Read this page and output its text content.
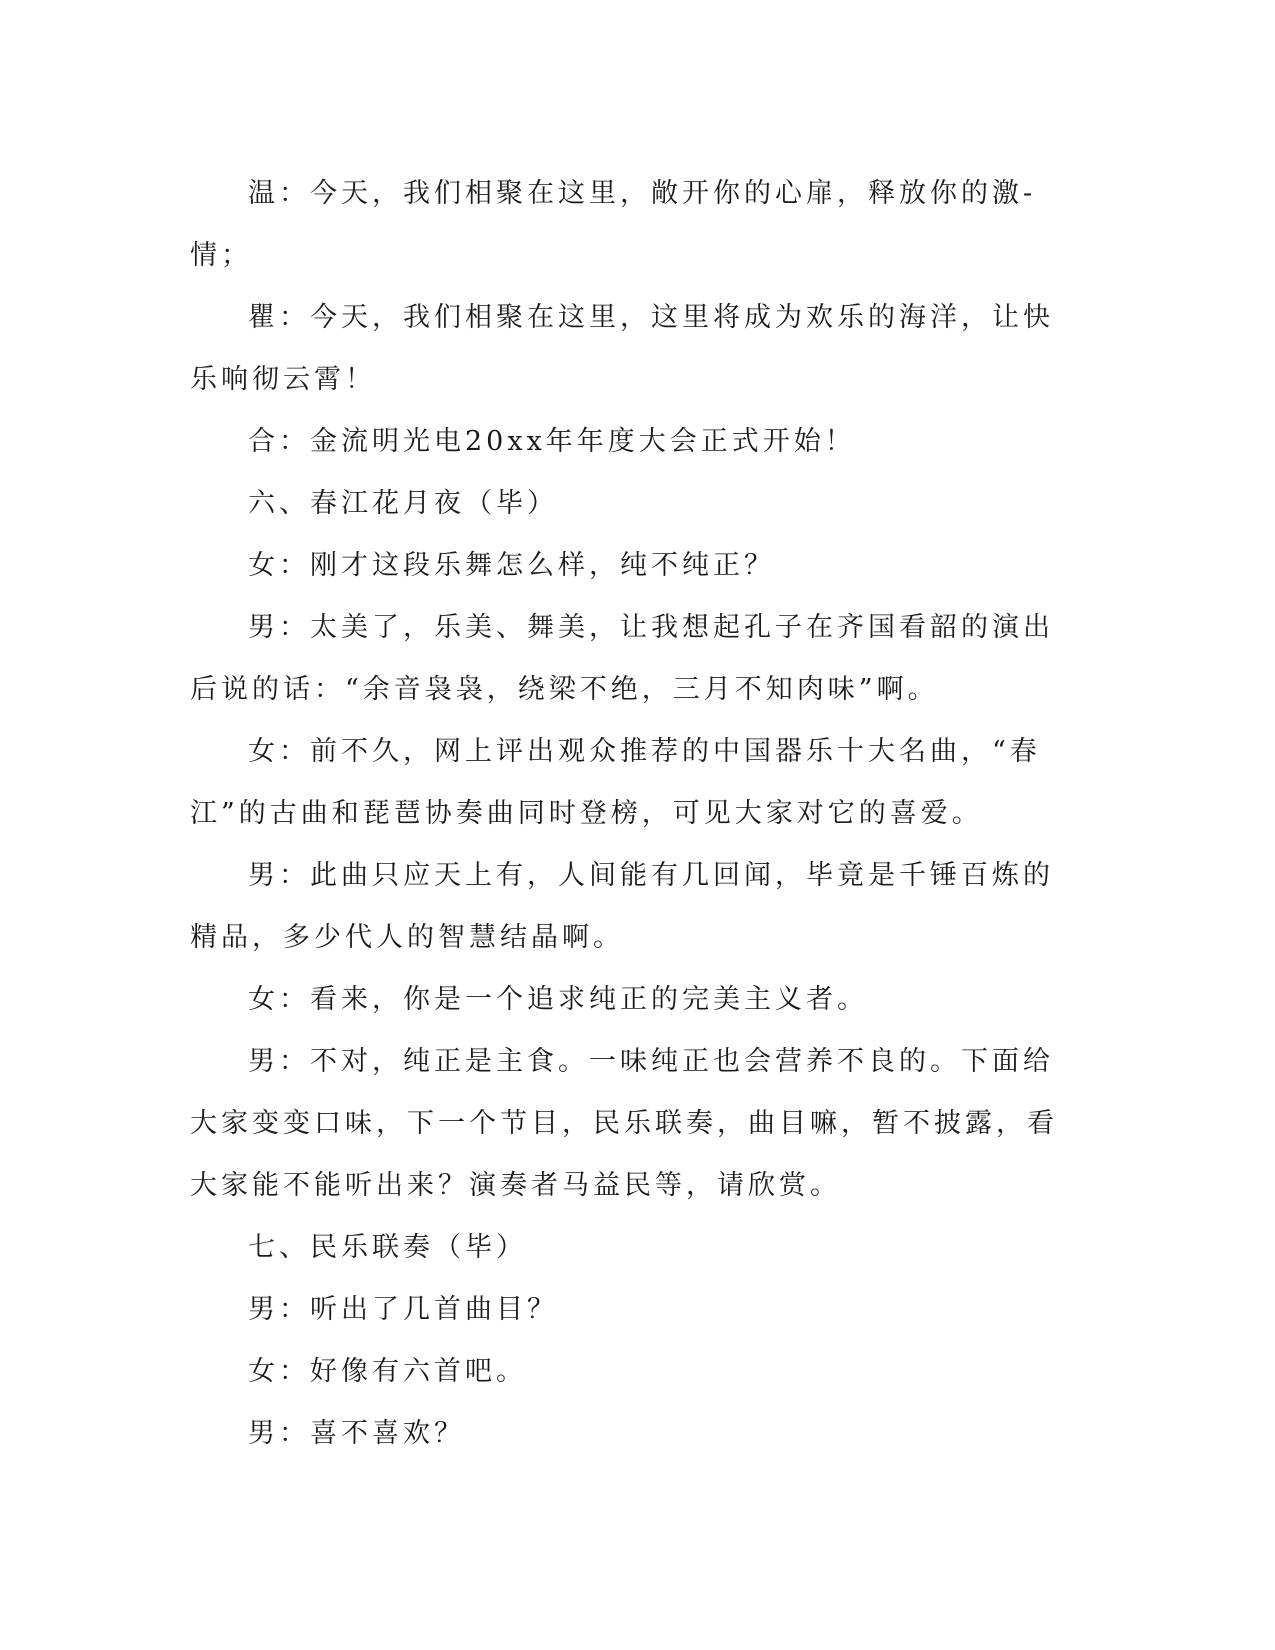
温：今天，我们相聚在这里，敞开你的心扉，释放你的激-情；

瞿：今天，我们相聚在这里，这里将成为欢乐的海洋，让快乐响彻云霄！

合：金流明光电20xx年年度大会正式开始！

六、春江花月夜（毕）

女：刚才这段乐舞怎么样，纯不纯正？

男：太美了，乐美、舞美，让我想起孔子在齐国看韶的演出后说的话：“余音袅袅，绕梁不绝，三月不知肉味”啊。

女：前不久，网上评出观众推荐的中国器乐十大名曲，“春江”的古曲和琵琶协奏曲同时登榜，可见大家对它的喜爱。

男：此曲只应天上有，人间能有几回闻，毕竟是千锤百炼的精品，多少代人的智慧结晶啊。

女：看来，你是一个追求纯正的完美主义者。

男：不对，纯正是主食。一味纯正也会营养不良的。下面给大家变变口味，下一个节目，民乐联奏，曲目嘛，暂不披露，看大家能不能听出来？演奏者马益民等，请欣赏。

七、民乐联奏（毕）

男：听出了几首曲目？

女：好像有六首吧。

男：喜不喜欢？
